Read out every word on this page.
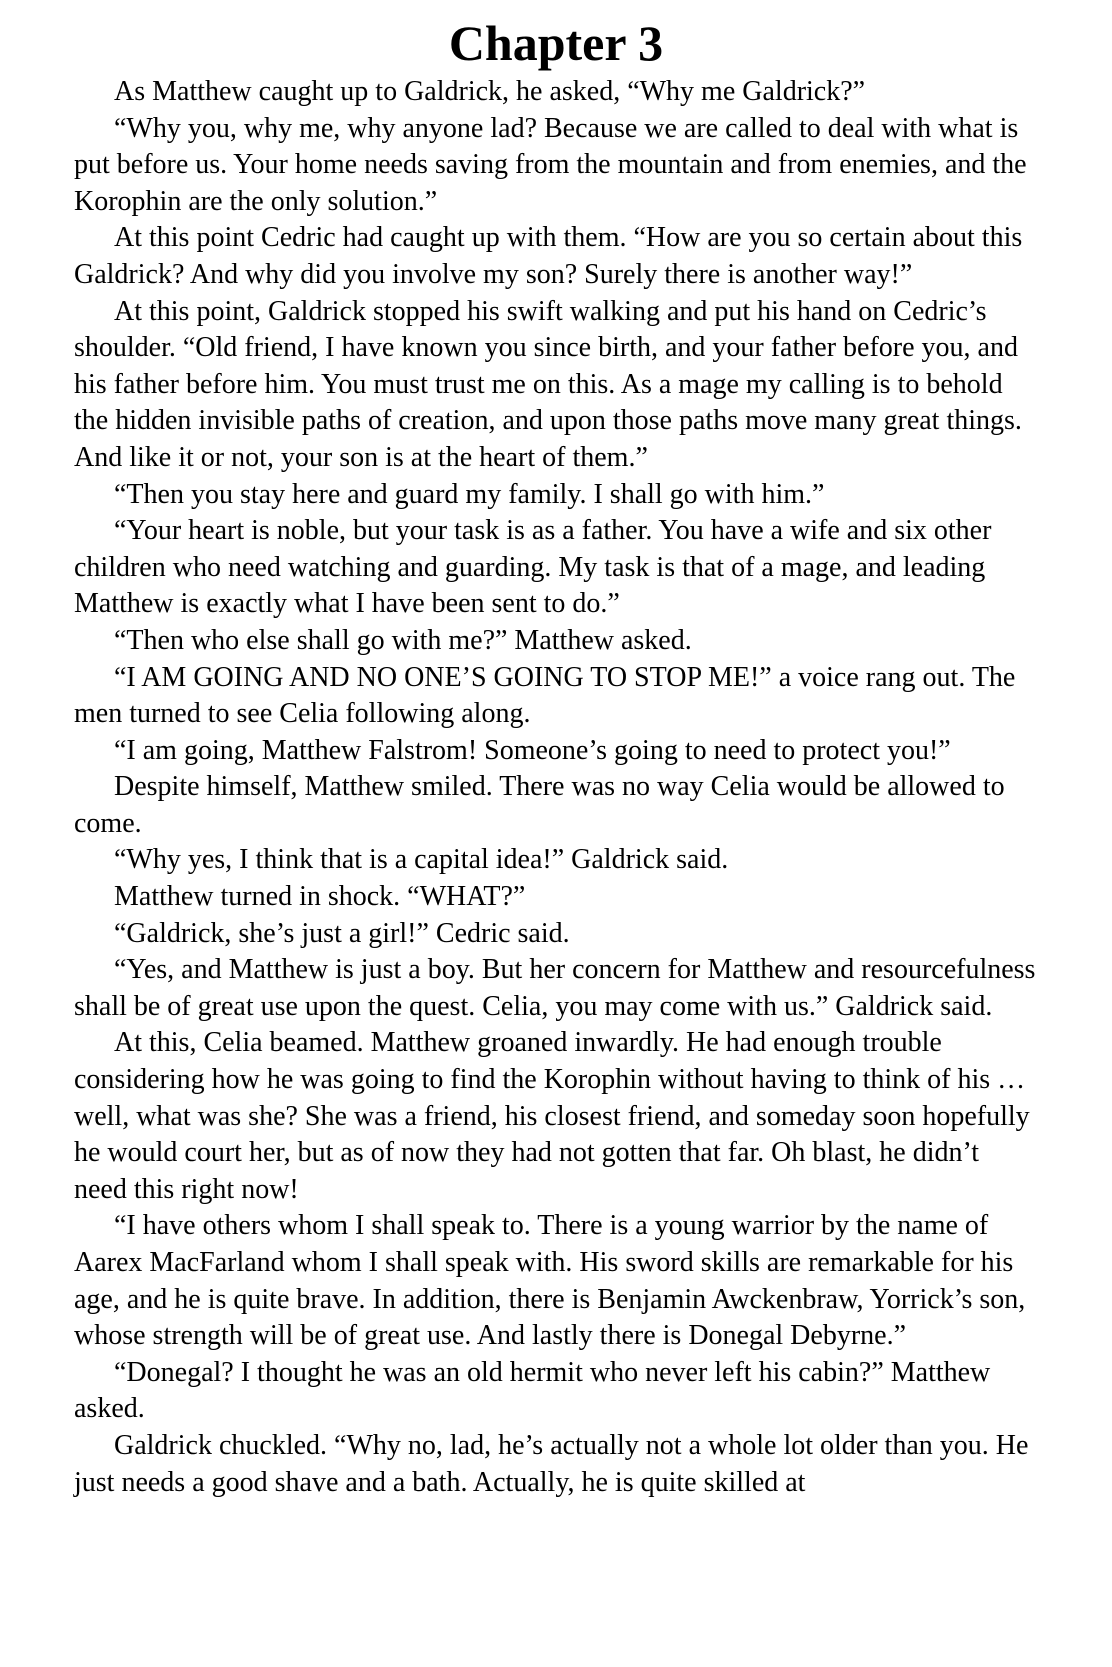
Chapter 3

As Matthew caught up to Galdrick, he asked, “Why me Galdrick?”

“Why you, why me, why anyone lad? Because we are called to deal with what is put before us. Your home needs saving from the mountain and from enemies, and the Korophin are the only solution.”

At this point Cedric had caught up with them. “How are you so certain about this Galdrick? And why did you involve my son? Surely there is another way!”

At this point, Galdrick stopped his swift walking and put his hand on Cedric’s shoulder. “Old friend, I have known you since birth, and your father before you, and his father before him. You must trust me on this. As a mage my calling is to behold the hidden invisible paths of creation, and upon those paths move many great things. And like it or not, your son is at the heart of them.”

“Then you stay here and guard my family. I shall go with him.”

“Your heart is noble, but your task is as a father. You have a wife and six other children who need watching and guarding. My task is that of a mage, and leading Matthew is exactly what I have been sent to do.”

“Then who else shall go with me?” Matthew asked.

“I AM GOING AND NO ONE’S GOING TO STOP ME!” a voice rang out. The men turned to see Celia following along.

“I am going, Matthew Falstrom! Someone’s going to need to protect you!”

Despite himself, Matthew smiled. There was no way Celia would be allowed to come.

“Why yes, I think that is a capital idea!” Galdrick said.

Matthew turned in shock. “WHAT?”

“Galdrick, she’s just a girl!” Cedric said.

“Yes, and Matthew is just a boy. But her concern for Matthew and resourcefulness shall be of great use upon the quest. Celia, you may come with us.” Galdrick said.

At this, Celia beamed. Matthew groaned inwardly. He had enough trouble considering how he was going to find the Korophin without having to think of his …well, what was she? She was a friend, his closest friend, and someday soon hopefully he would court her, but as of now they had not gotten that far. Oh blast, he didn’t need this right now!

“I have others whom I shall speak to. There is a young warrior by the name of Aarex MacFarland whom I shall speak with. His sword skills are remarkable for his age, and he is quite brave. In addition, there is Benjamin Awckenbraw, Yorrick’s son, whose strength will be of great use. And lastly there is Donegal Debyrne.”

“Donegal? I thought he was an old hermit who never left his cabin?” Matthew asked.

Galdrick chuckled. “Why no, lad, he’s actually not a whole lot older than you. He just needs a good shave and a bath. Actually, he is quite skilled at
